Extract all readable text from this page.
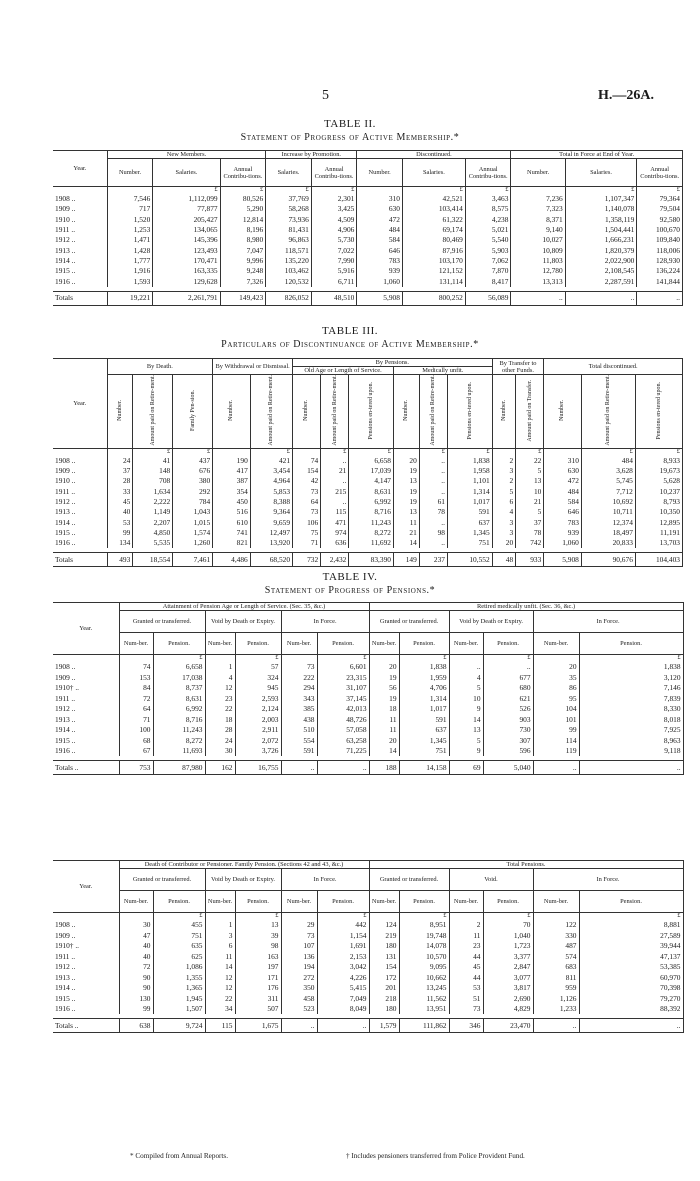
5	H.—26A.
TABLE II.
Statement of Progress of Active Membership.*
Year.	New Members.			Increase by Promotion.		Discontinued.			Total in Force at End of Year.		
	Number.	Salaries.	Annual Contribu-tions.	Salaries.	Annual Contribu-tions.	Number.	Salaries.	Annual Contribu-tions.	Number.	Salaries.	Annual Contribu-tions.
		£	£	£	£		£	£		£	£
1908 ..	7,546	1,112,099	80,526	37,769	2,301	310	42,521	3,463	7,236	1,107,347	79,364
1909 ..	717	77,877	5,290	58,268	3,425	630	103,414	8,575	7,323	1,140,078	79,504
1910 ..	1,520	205,427	12,814	73,936	4,509	472	61,322	4,238	8,371	1,358,119	92,580
1911 ..	1,253	134,065	8,196	81,431	4,906	484	69,174	5,021	9,140	1,504,441	100,670
1912 ..	1,471	145,396	8,980	96,863	5,730	584	80,469	5,540	10,027	1,666,231	109,840
1913 ..	1,428	123,493	7,047	118,571	7,022	646	87,916	5,903	10,809	1,820,379	118,006
1914 ..	1,777	170,471	9,996	135,220	7,990	783	103,170	7,062	11,803	2,022,900	128,930
1915 ..	1,916	163,335	9,248	103,462	5,916	939	121,152	7,870	12,780	2,108,545	136,224
1916 ..	1,593	129,628	7,326	120,532	6,711	1,060	131,114	8,417	13,313	2,287,591	141,844

Totals	19,221	2,261,791	149,423	826,052	48,510	5,908	800,252	56,089	..	..	..
TABLE III.
Particulars of Discontinuance of Active Membership.*
Year.	By Death.			By Withdrawal or Dismissal.		By Pensions.						By Transfer to other Funds.		Total discontinued.		
						Old Age or Length of Service.			Medically unfit.							
	Number.	Amount paid on Retire-ment.	Family Pen-sion.	Number.	Amount paid on Retire-ment.	Number.	Amount paid on Retire-ment.	Pensions en-tered upon.	Number.	Amount paid on Retire-ment.	Pensions en-tered upon.	Number.	Amount paid on Transfer.	Number.	Amount paid on Retire-ment.	Pensions en-tered upon.
		£	£		£		£	£		£	£		£		£	£
1908 ..	24	41	437	190	421	74	..	6,658	20	..	1,838	2	22	310	484	8,933
1909 ..	37	148	676	417	3,454	154	21	17,039	19	..	1,958	3	5	630	3,628	19,673
1910 ..	28	708	380	387	4,964	42	..	4,147	13	..	1,101	2	13	472	5,745	5,628
1911 ..	33	1,634	292	354	5,853	73	215	8,631	19	..	1,314	5	10	484	7,712	10,237
1912 ..	45	2,222	784	450	8,388	64	..	6,992	19	61	1,017	6	21	584	10,692	8,793
1913 ..	40	1,149	1,043	516	9,364	73	115	8,716	13	78	591	4	5	646	10,711	10,350
1914 ..	53	2,207	1,015	610	9,659	106	471	11,243	11	..	637	3	37	783	12,374	12,895
1915 ..	99	4,850	1,574	741	12,497	75	974	8,272	21	98	1,345	3	78	939	18,497	11,191
1916 ..	134	5,535	1,260	821	13,920	71	636	11,692	14	..	751	20	742	1,060	20,833	13,703

Totals	493	18,554	7,461	4,486	68,520	732	2,432	83,390	149	237	10,552	48	933	5,908	90,676	104,403
TABLE IV.
Statement of Progress of Pensions.*
Year.	Attainment of Pension Age or Length of Service. (Sec. 35, &c.)						Retired medically unfit. (Sec. 36, &c.)					
	Granted or transferred.		Void by Death or Expiry.		In Force.		Granted or transferred.		Void by Death or Expiry.		In Force.	
	Num-ber.	Pension.	Num-ber.	Pension.	Num-ber.	Pension.	Num-ber.	Pension.	Num-ber.	Pension.	Num-ber.	Pension.
		£		£		£		£		£		£
1908 ..	74	6,658	1	57	73	6,601	20	1,838	..	..	20	1,838
1909 ..	153	17,038	4	324	222	23,315	19	1,959	4	677	35	3,120
1910† ..	84	8,737	12	945	294	31,107	56	4,706	5	680	86	7,146
1911 ..	72	8,631	23	2,593	343	37,145	19	1,314	10	621	95	7,839
1912 ..	64	6,992	22	2,124	385	42,013	18	1,017	9	526	104	8,330
1913 ..	71	8,716	18	2,003	438	48,726	11	591	14	903	101	8,018
1914 ..	100	11,243	28	2,911	510	57,058	11	637	13	730	99	7,925
1915 ..	68	8,272	24	2,072	554	63,258	20	1,345	5	307	114	8,963
1916 ..	67	11,693	30	3,726	591	71,225	14	751	9	596	119	9,118

Totals ..	753	87,980	162	16,755	..	..	188	14,158	69	5,040	..	..
Year.	Death of Contributor or Pensioner. Family Pension. (Sections 42 and 43, &c.)						Total Pensions.					
	Granted or transferred.		Void by Death or Expiry.		In Force.		Granted or transferred.		Void.		In Force.	
	Num-ber.	Pension.	Num-ber.	Pension.	Num-ber.	Pension.	Num-ber.	Pension.	Num-ber.	Pension.	Num-ber.	Pension.
		£		£		£		£		£		£
1908 ..	30	455	1	13	29	442	124	8,951	2	70	122	8,881
1909 ..	47	751	3	39	73	1,154	219	19,748	11	1,040	330	27,589
1910† ..	40	635	6	98	107	1,691	180	14,078	23	1,723	487	39,944
1911 ..	40	625	11	163	136	2,153	131	10,570	44	3,377	574	47,137
1912 ..	72	1,086	14	197	194	3,042	154	9,095	45	2,847	683	53,385
1913 ..	90	1,355	12	171	272	4,226	172	10,662	44	3,077	811	60,970
1914 ..	90	1,365	12	176	350	5,415	201	13,245	53	3,817	959	70,398
1915 ..	130	1,945	22	311	458	7,049	218	11,562	51	2,690	1,126	79,270
1916 ..	99	1,507	34	507	523	8,049	180	13,951	73	4,829	1,233	88,392

Totals ..	638	9,724	115	1,675	..	..	1,579	111,862	346	23,470	..	..
* Compiled from Annual Reports.	† Includes pensioners transferred from Police Provident Fund.
